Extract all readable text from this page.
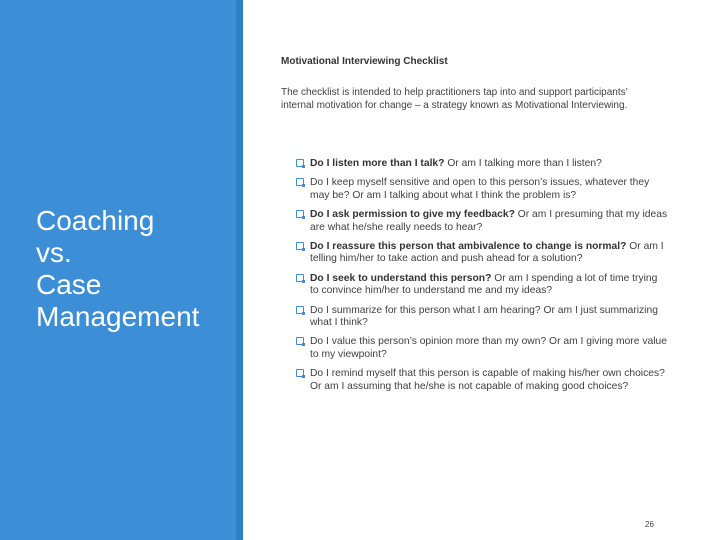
Coaching
vs.
Case
Management
Motivational Interviewing Checklist
The checklist is intended to help practitioners tap into and support participants’ internal motivation for change – a strategy known as Motivational Interviewing.
Do I listen more than I talk? Or am I talking more than I listen?
Do I keep myself sensitive and open to this person’s issues, whatever they may be? Or am I talking about what I think the problem is?
Do I ask permission to give my feedback? Or am I presuming that my ideas are what he/she really needs to hear?
Do I reassure this person that ambivalence to change is normal? Or am I telling him/her to take action and push ahead for a solution?
Do I seek to understand this person? Or am I spending a lot of time trying to convince him/her to understand me and my ideas?
Do I summarize for this person what I am hearing? Or am I just summarizing what I think?
Do I value this person’s opinion more than my own? Or am I giving more value to my viewpoint?
Do I remind myself that this person is capable of making his/her own choices? Or am I assuming that he/she is not capable of making good choices?
26
